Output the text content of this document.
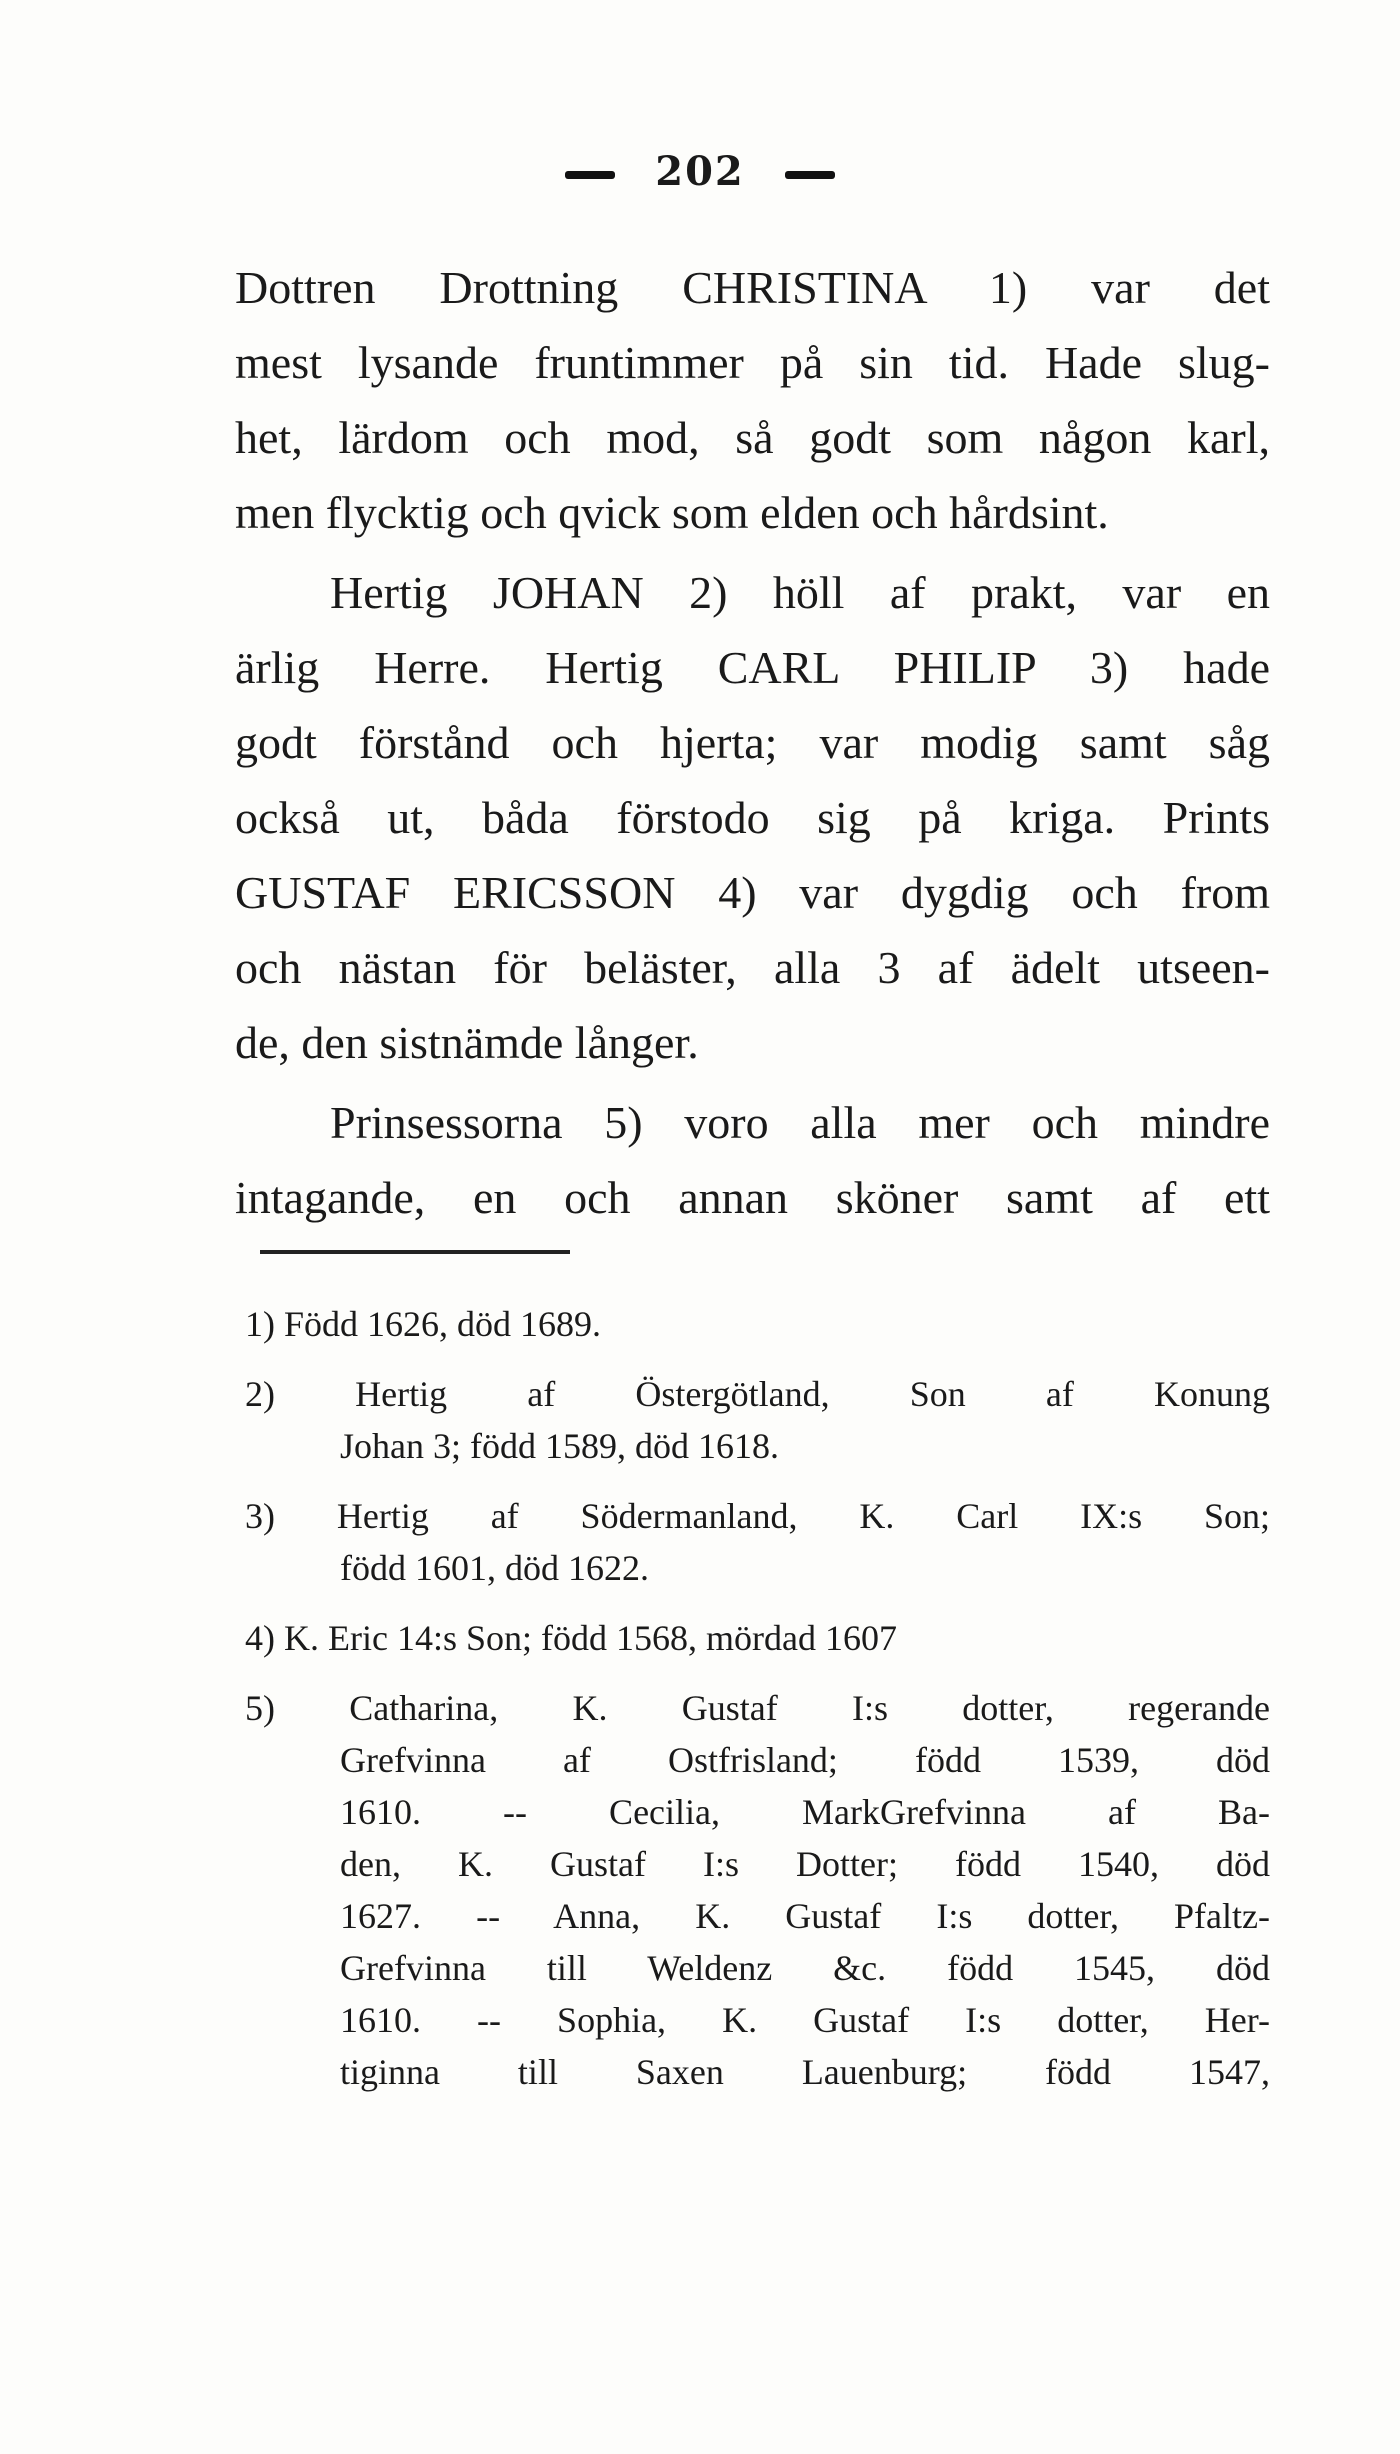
202

Dottren Drottning CHRISTINA 1) var det
mest lysande fruntimmer på sin tid. Hade slug-
het, lärdom och mod, så godt som någon karl,
men flycktig och qvick som elden och hårdsint.

Hertig JOHAN 2) höll af prakt, var en
ärlig Herre. Hertig CARL PHILIP 3) hade
godt förstånd och hjerta; var modig samt såg
också ut, båda förstodo sig på kriga. Prints
GUSTAF ERICSSON 4) var dygdig och from
och nästan för beläster, alla 3 af ädelt utseen-
de, den sistnämde långer.

Prinsessorna 5) voro alla mer och mindre
intagande, en och annan sköner samt af ett

1) Född 1626, död 1689.
2) Hertig af Östergötland, Son af Konung
Johan 3; född 1589, död 1618.
3) Hertig af Södermanland, K. Carl IX:s Son;
född 1601, död 1622.
4) K. Eric 14:s Son; född 1568, mördad 1607
5) Catharina, K. Gustaf I:s dotter, regerande
Grefvinna af Ostfrisland; född 1539, död
1610. -- Cecilia, MarkGrefvinna af Ba-
den, K. Gustaf I:s Dotter; född 1540, död
1627. -- Anna, K. Gustaf I:s dotter, Pfaltz-
Grefvinna till Weldenz &c. född 1545, död
1610. -- Sophia, K. Gustaf I:s dotter, Her-
tiginna till Saxen Lauenburg; född 1547,
